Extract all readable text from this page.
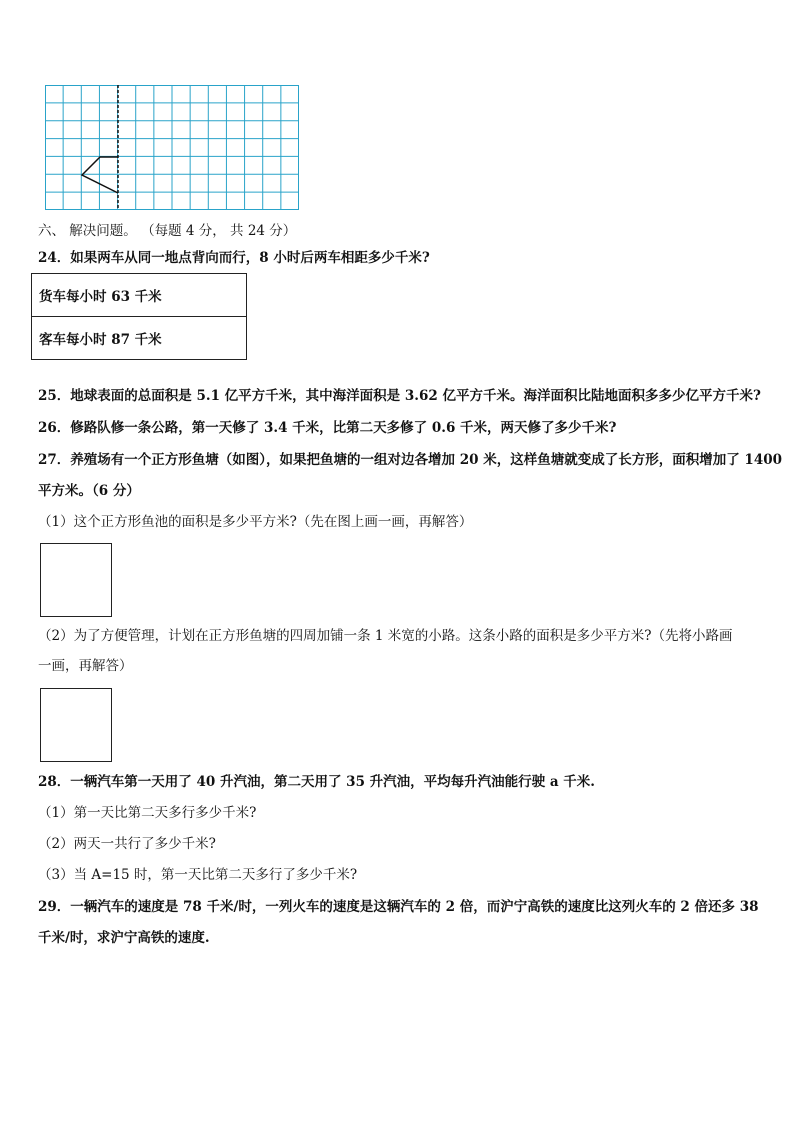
六、 解决问题。 （每题 4 分， 共 24 分）
24．如果两车从同一地点背向而行，8 小时后两车相距多少千米?
货车每小时 63 千米
客车每小时 87 千米
25．地球表面的总面积是 5.1 亿平方千米，其中海洋面积是 3.62 亿平方千米。海洋面积比陆地面积多多少亿平方千米?
26．修路队修一条公路，第一天修了 3.4 千米，比第二天多修了 0.6 千米，两天修了多少千米?
27．养殖场有一个正方形鱼塘（如图），如果把鱼塘的一组对边各增加 20 米，这样鱼塘就变成了长方形，面积增加了 1400
平方米。（6 分）
（1）这个正方形鱼池的面积是多少平方米?（先在图上画一画，再解答）
（2）为了方便管理，计划在正方形鱼塘的四周加铺一条 1 米宽的小路。这条小路的面积是多少平方米?（先将小路画
一画，再解答）
28．一辆汽车第一天用了 40 升汽油，第二天用了 35 升汽油，平均每升汽油能行驶 a 千米.
（1）第一天比第二天多行多少千米?
（2）两天一共行了多少千米?
（3）当 A=15 时，第一天比第二天多行了多少千米?
29．一辆汽车的速度是 78 千米/时，一列火车的速度是这辆汽车的 2 倍，而沪宁高铁的速度比这列火车的 2 倍还多 38
千米/时，求沪宁高铁的速度.
